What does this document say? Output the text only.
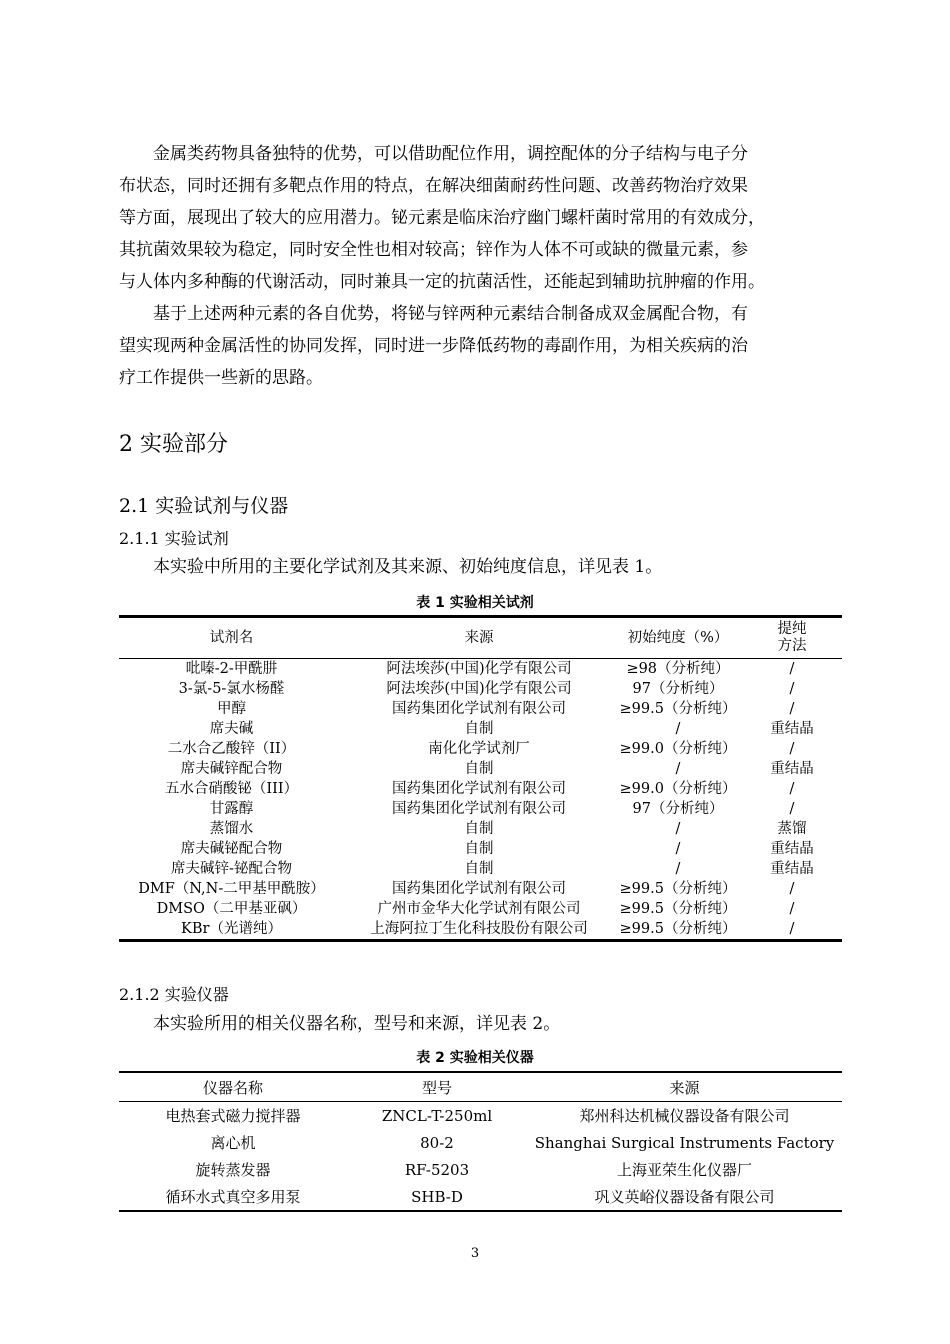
金属类药物具备独特的优势，可以借助配位作用，调控配体的分子结构与电子分
布状态，同时还拥有多靶点作用的特点，在解决细菌耐药性问题、改善药物治疗效果
等方面，展现出了较大的应用潜力。铋元素是临床治疗幽门螺杆菌时常用的有效成分，
其抗菌效果较为稳定，同时安全性也相对较高；锌作为人体不可或缺的微量元素，参
与人体内多种酶的代谢活动，同时兼具一定的抗菌活性，还能起到辅助抗肿瘤的作用。
基于上述两种元素的各自优势，将铋与锌两种元素结合制备成双金属配合物，有
望实现两种金属活性的协同发挥，同时进一步降低药物的毒副作用，为相关疾病的治
疗工作提供一些新的思路。
2 实验部分
2.1 实验试剂与仪器
2.1.1 实验试剂
本实验中所用的主要化学试剂及其来源、初始纯度信息，详见表 1。
表 1 实验相关试剂
试剂名	来源	初始纯度（%）	提纯
方法
吡嗪-2-甲酰肼	阿法埃莎(中国)化学有限公司	≥98（分析纯）	/
3-氯-5-氯水杨醛	阿法埃莎(中国)化学有限公司	97（分析纯）	/
甲醇	国药集团化学试剂有限公司	≥99.5（分析纯）	/
席夫碱	自制	/	重结晶
二水合乙酸锌（II）	南化化学试剂厂	≥99.0（分析纯）	/
席夫碱锌配合物	自制	/	重结晶
五水合硝酸铋（III）	国药集团化学试剂有限公司	≥99.0（分析纯）	/
甘露醇	国药集团化学试剂有限公司	97（分析纯）	/
蒸馏水	自制	/	蒸馏
席夫碱铋配合物	自制	/	重结晶
席夫碱锌-铋配合物	自制	/	重结晶
DMF（N,N-二甲基甲酰胺）	国药集团化学试剂有限公司	≥99.5（分析纯）	/
DMSO（二甲基亚砜）	广州市金华大化学试剂有限公司	≥99.5（分析纯）	/
KBr（光谱纯）	上海阿拉丁生化科技股份有限公司	≥99.5（分析纯）	/
2.1.2 实验仪器
本实验所用的相关仪器名称，型号和来源，详见表 2。
表 2 实验相关仪器
仪器名称	型号	来源
电热套式磁力搅拌器	ZNCL-T-250ml	郑州科达机械仪器设备有限公司
离心机	80-2	Shanghai Surgical Instruments Factory
旋转蒸发器	RF-5203	上海亚荣生化仪器厂
循环水式真空多用泵	SHB-D	巩义英峪仪器设备有限公司
3
